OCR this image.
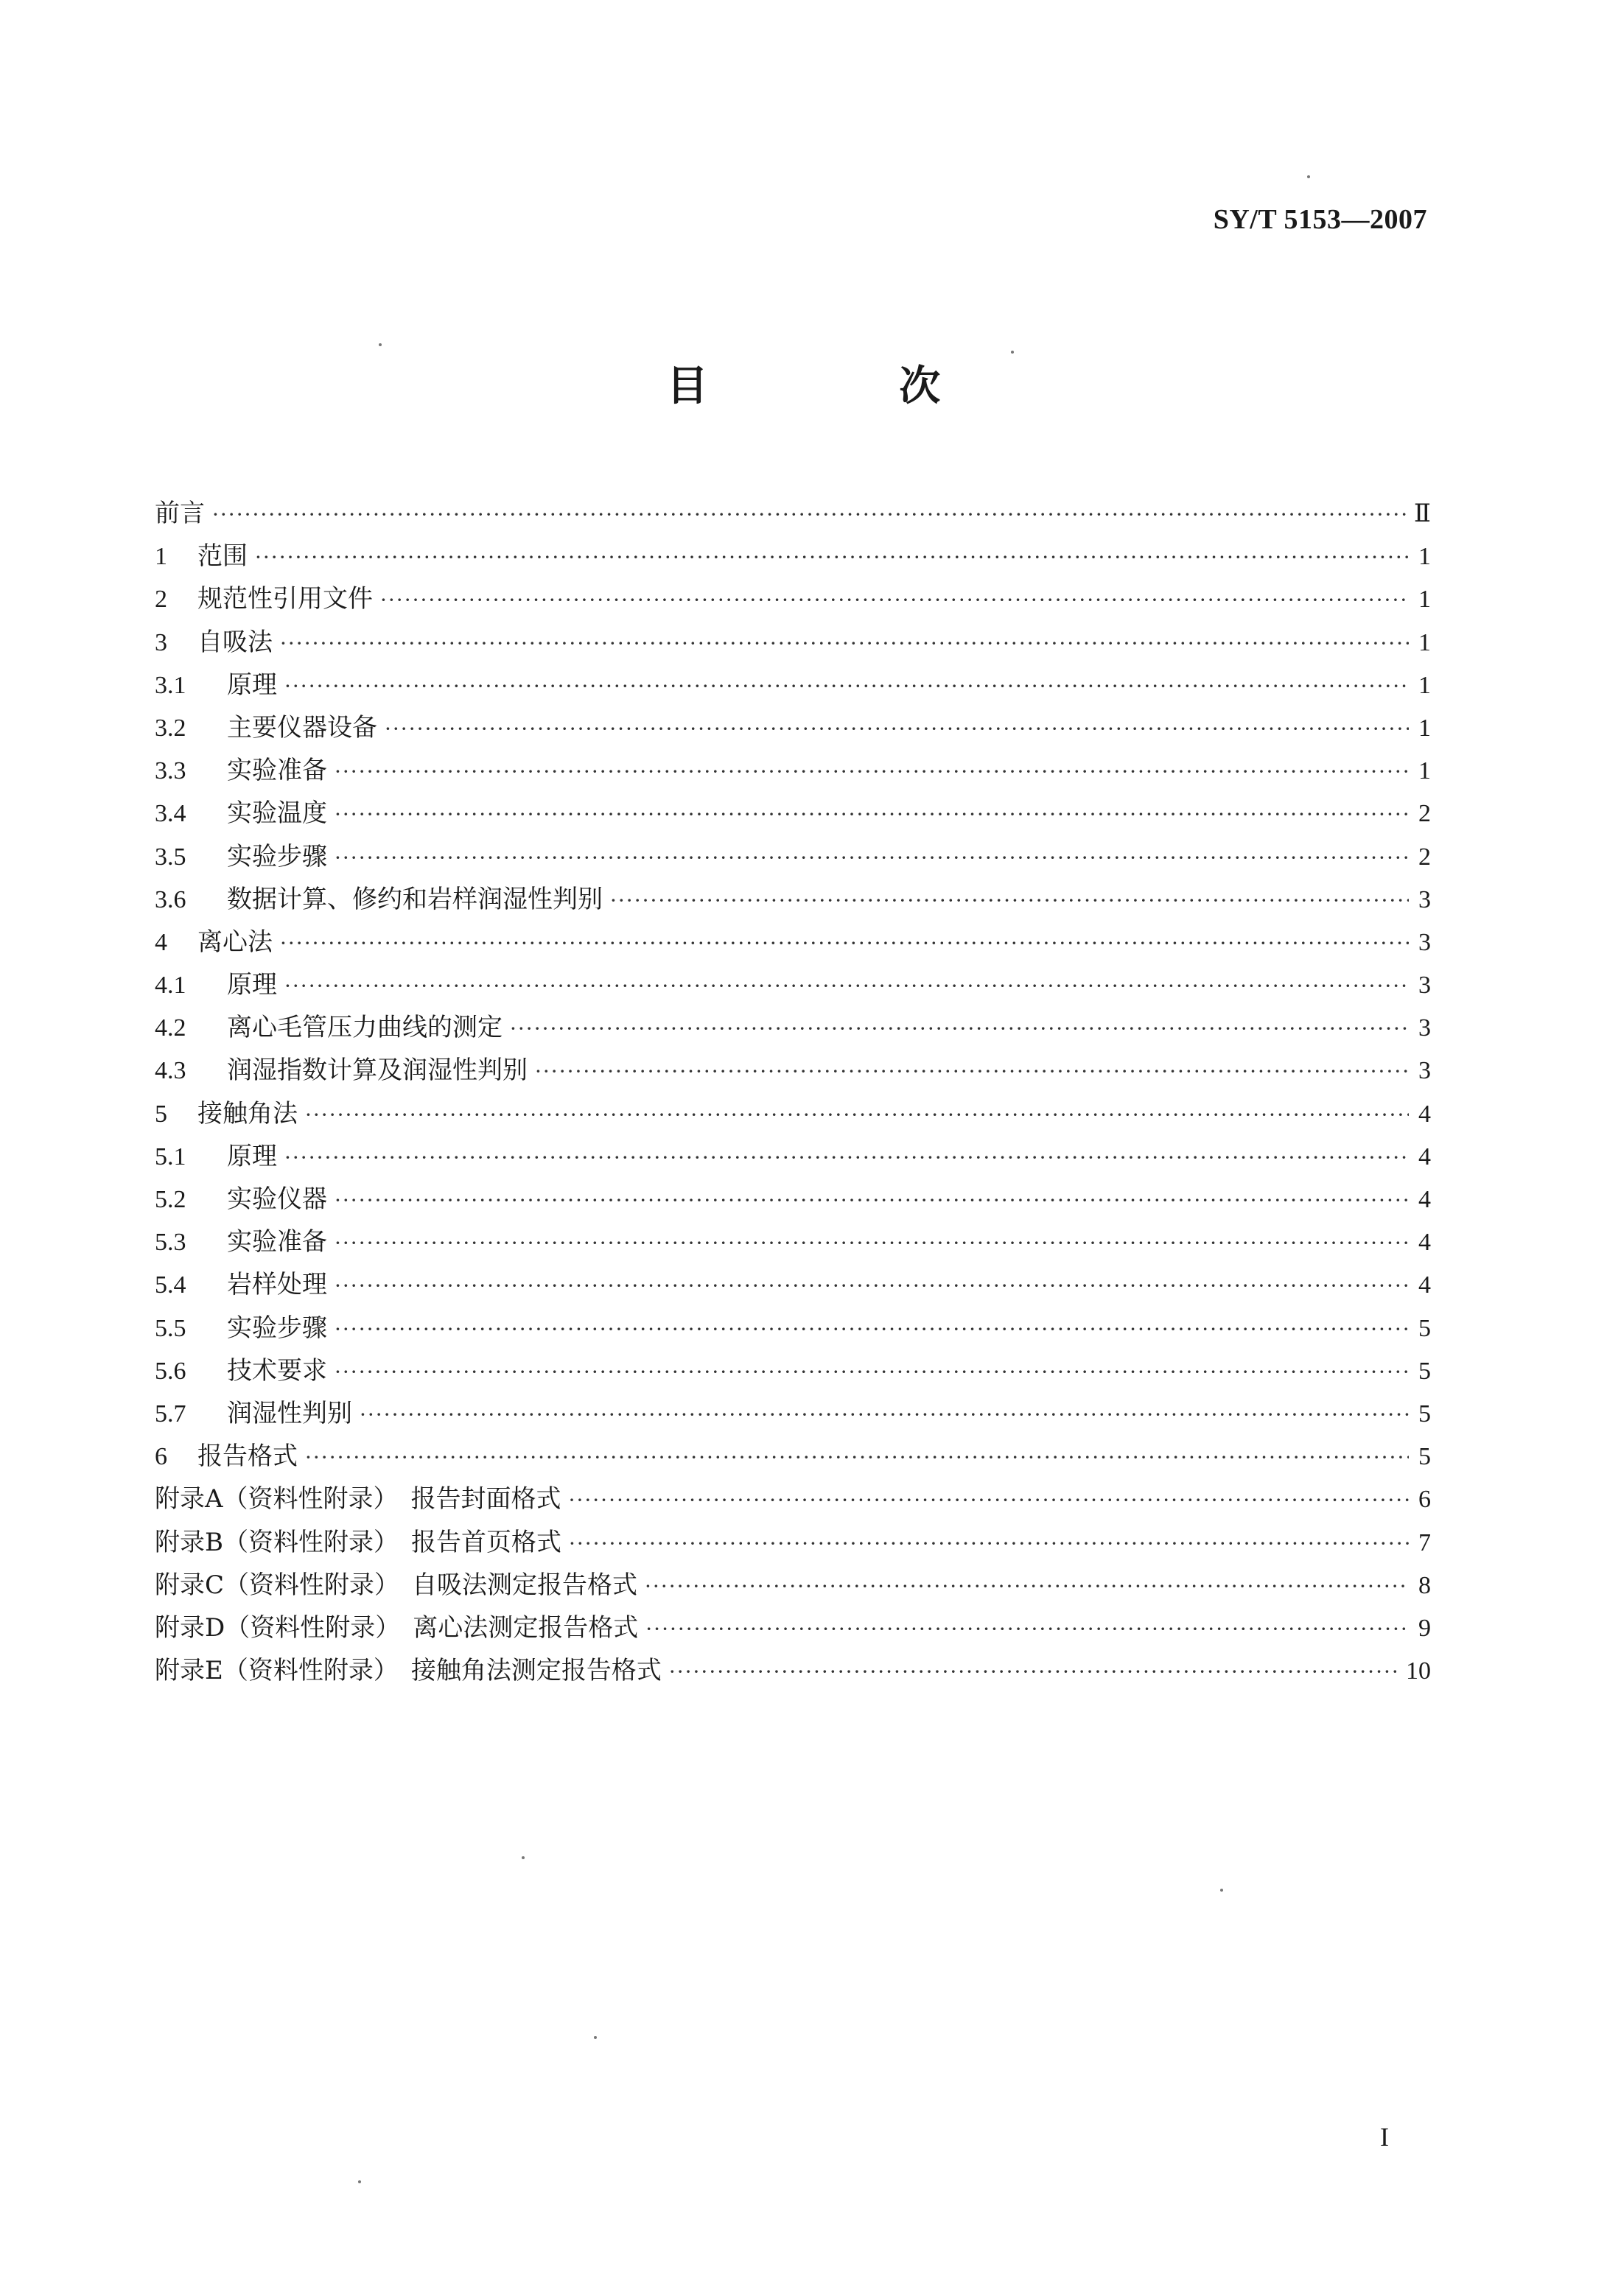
SY/T 5153—2007
目 次
前言 ·····	Ⅱ
1	范围 ·····	1
2	规范性引用文件 ·····	1
3	自吸法 ·····	1
3.1	原理 ·····	1
3.2	主要仪器设备 ·····	1
3.3	实验准备 ·····	1
3.4	实验温度 ·····	2
3.5	实验步骤 ·····	2
3.6	数据计算、修约和岩样润湿性判别 ·····	3
4	离心法 ·····	3
4.1	原理 ·····	3
4.2	离心毛管压力曲线的测定 ·····	3
4.3	润湿指数计算及润湿性判别 ·····	3
5	接触角法 ·····	4
5.1	原理 ·····	4
5.2	实验仪器 ·····	4
5.3	实验准备 ·····	4
5.4	岩样处理 ·····	4
5.5	实验步骤 ·····	5
5.6	技术要求 ·····	5
5.7	润湿性判别 ·····	5
6	报告格式 ·····	5
附录A（资料性附录）　报告封面格式 ·····	6
附录B（资料性附录）　报告首页格式 ·····	7
附录C（资料性附录）　自吸法测定报告格式 ·····	8
附录D（资料性附录）　离心法测定报告格式 ·····	9
附录E（资料性附录）　接触角法测定报告格式 ·····	10
I
